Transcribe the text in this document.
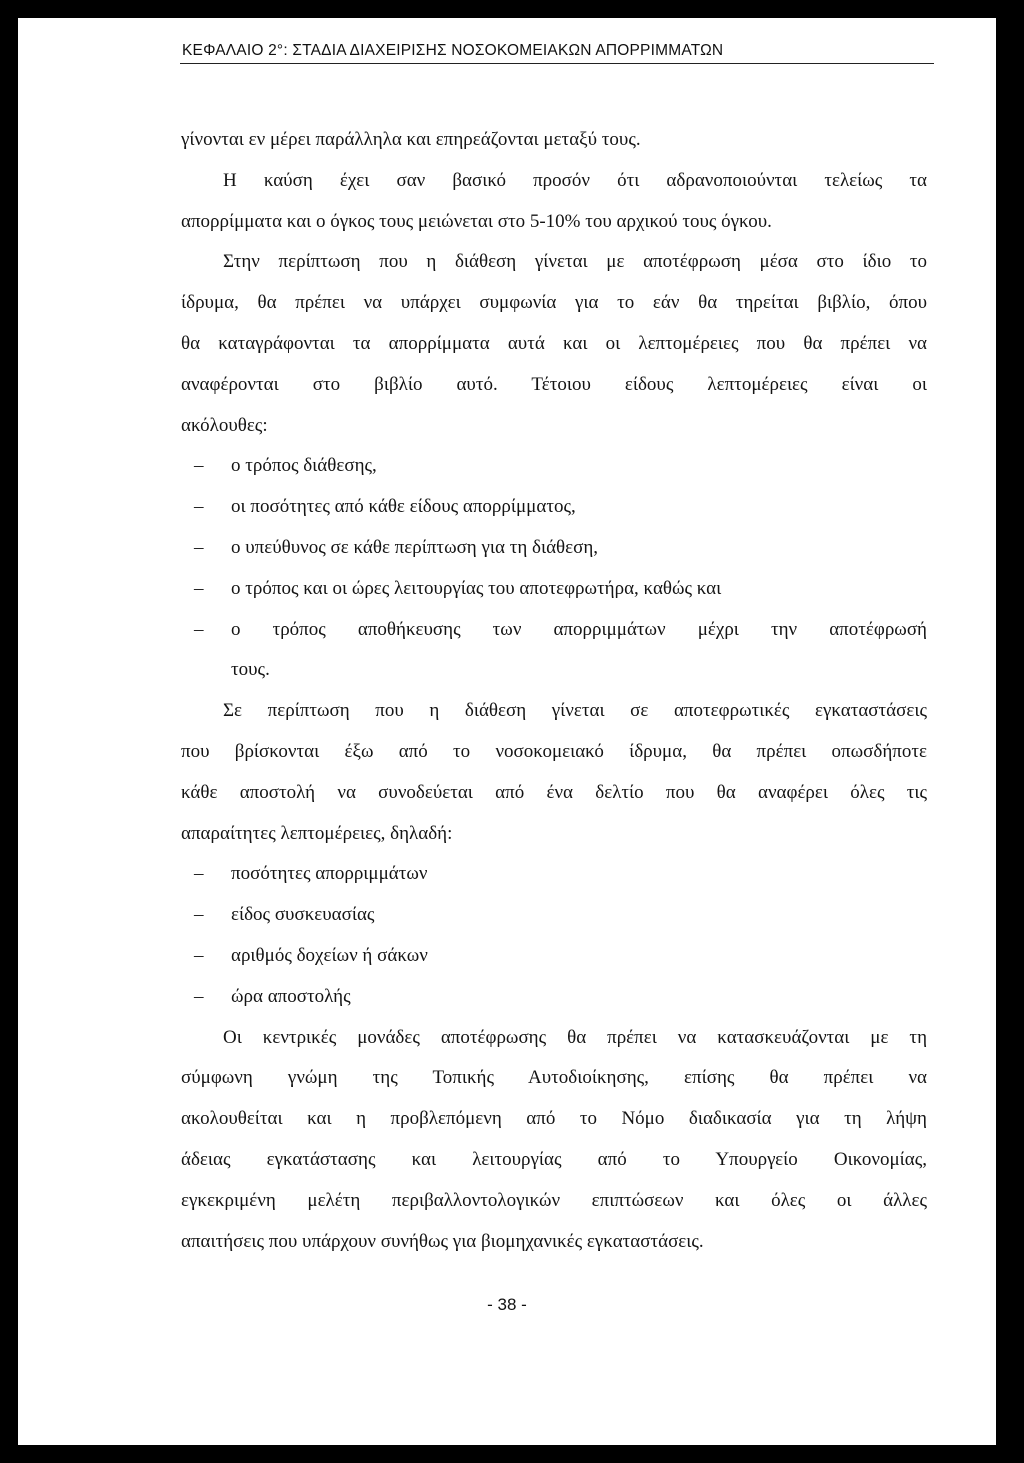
ΚΕΦΑΛΑΙΟ 2°: ΣΤΑΔΙΑ ΔΙΑΧΕΙΡΙΣΗΣ ΝΟΣΟΚΟΜΕΙΑΚΩΝ ΑΠΟΡΡΙΜΜΑΤΩΝ
γίνονται εν μέρει παράλληλα και επηρεάζονται μεταξύ τους.
Η καύση έχει σαν βασικό προσόν ότι αδρανοποιούνται τελείως τα
απορρίμματα και ο όγκος τους μειώνεται στο 5-10% του αρχικού τους όγκου.
Στην περίπτωση που η διάθεση γίνεται με αποτέφρωση μέσα στο ίδιο το
ίδρυμα, θα πρέπει να υπάρχει συμφωνία για το εάν θα τηρείται βιβλίο, όπου
θα καταγράφονται τα απορρίμματα αυτά και οι λεπτομέρειες που θα πρέπει να
αναφέρονται στο βιβλίο αυτό. Τέτοιου είδους λεπτομέρειες είναι οι
ακόλουθες:
–	ο τρόπος διάθεσης,
–	οι ποσότητες από κάθε είδους απορρίμματος,
–	ο υπεύθυνος σε κάθε περίπτωση για τη διάθεση,
–	ο τρόπος και οι ώρες λειτουργίας του αποτεφρωτήρα, καθώς και
–	ο τρόπος αποθήκευσης των απορριμμάτων μέχρι την αποτέφρωσή
τους.
Σε περίπτωση που η διάθεση γίνεται σε αποτεφρωτικές εγκαταστάσεις
που βρίσκονται έξω από το νοσοκομειακό ίδρυμα, θα πρέπει οπωσδήποτε
κάθε αποστολή να συνοδεύεται από ένα δελτίο που θα αναφέρει όλες τις
απαραίτητες λεπτομέρειες, δηλαδή:
–	ποσότητες απορριμμάτων
–	είδος συσκευασίας
–	αριθμός δοχείων ή σάκων
–	ώρα αποστολής
Οι κεντρικές μονάδες αποτέφρωσης θα πρέπει να κατασκευάζονται με τη
σύμφωνη γνώμη της Τοπικής Αυτοδιοίκησης, επίσης θα πρέπει να
ακολουθείται και η προβλεπόμενη από το Νόμο διαδικασία για τη λήψη
άδειας εγκατάστασης και λειτουργίας από το Υπουργείο Οικονομίας,
εγκεκριμένη μελέτη περιβαλλοντολογικών επιπτώσεων και όλες οι άλλες
απαιτήσεις που υπάρχουν συνήθως για βιομηχανικές εγκαταστάσεις.
- 38 -
